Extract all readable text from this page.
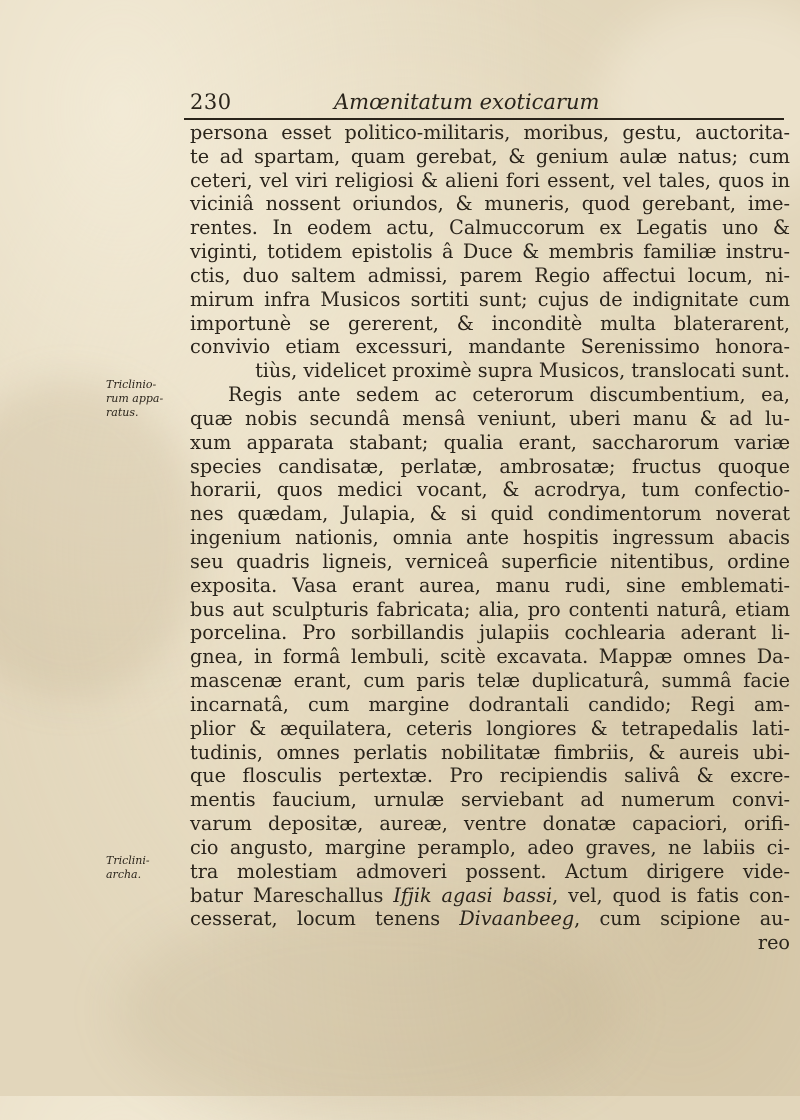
230	Amœnitatum exoticarum
Triclinio-
rum appa-
ratus.
Triclini-
archa.
persona esset politico-militaris, moribus, gestu, auctorita-
te ad spartam, quam gerebat, & genium aulæ natus; cum
ceteri, vel viri religiosi & alieni fori essent, vel tales, quos in
viciniâ nossent oriundos, & muneris, quod gerebant, ime-
rentes. In eodem actu, Calmuccorum ex Legatis uno &
viginti, totidem epistolis â Duce & membris familiæ instru-
ctis, duo saltem admissi, parem Regio affectui locum, ni-
mirum infra Musicos sortiti sunt; cujus de indignitate cum
importunè se gererent, & inconditè multa blaterarent,
convivio etiam excessuri, mandante Serenissimo honora-
tiùs, videlicet proximè supra Musicos, translocati sunt.
Regis ante sedem ac ceterorum discumbentium, ea,
quæ nobis secundâ mensâ veniunt, uberi manu & ad lu-
xum apparata stabant; qualia erant, saccharorum variæ
species candisatæ, perlatæ, ambrosatæ; fructus quoque
horarii, quos medici vocant, & acrodrya, tum confectio-
nes quædam, Julapia, & si quid condimentorum noverat
ingenium nationis, omnia ante hospitis ingressum abacis
seu quadris ligneis, verniceâ superficie nitentibus, ordine
exposita. Vasa erant aurea, manu rudi, sine emblemati-
bus aut sculpturis fabricata; alia, pro contenti naturâ, etiam
porcelina. Pro sorbillandis julapiis cochlearia aderant li-
gnea, in formâ lembuli, scitè excavata. Mappæ omnes Da-
mascenæ erant, cum paris telæ duplicaturâ, summâ facie
incarnatâ, cum margine dodrantali candido; Regi am-
plior & æquilatera, ceteris longiores & tetrapedalis lati-
tudinis, omnes perlatis nobilitatæ fimbriis, & aureis ubi-
que flosculis pertextæ. Pro recipiendis salivâ & excre-
mentis faucium, urnulæ serviebant ad numerum convi-
varum depositæ, aureæ, ventre donatæ capaciori, orifi-
cio angusto, margine peramplo, adeo graves, ne labiis ci-
tra molestiam admoveri possent. Actum dirigere vide-
batur Mareschallus Ifjik agasi bassi, vel, quod is fatis con-
cesserat, locum tenens Divaanbeeg, cum scipione au-
reo
